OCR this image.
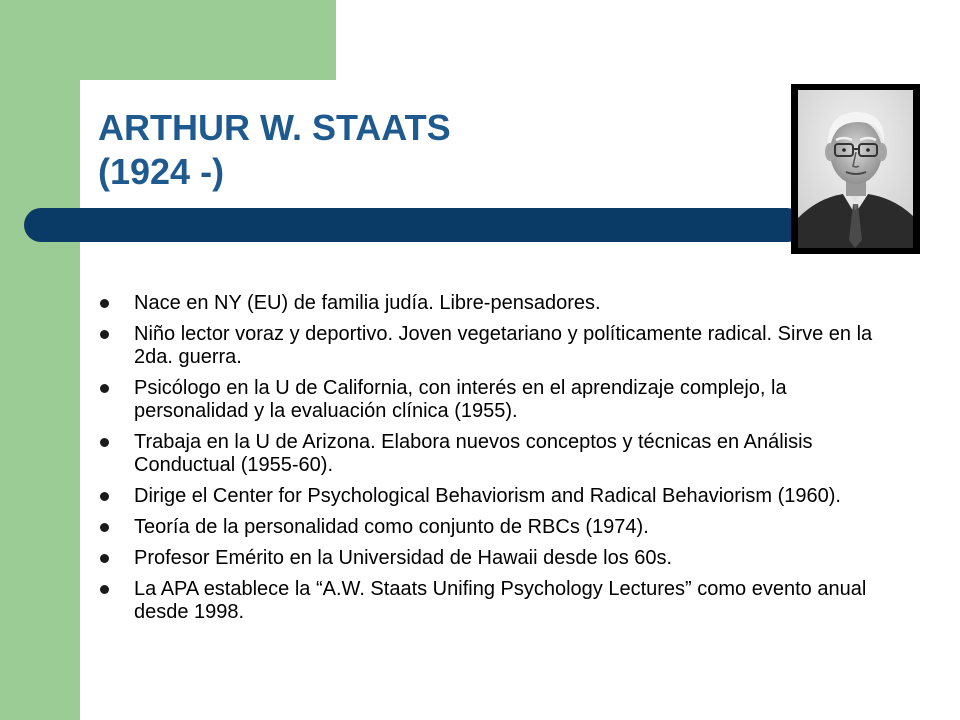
ARTHUR W. STAATS
(1924 -)
Nace en NY (EU) de familia judía. Libre-pensadores.
Niño lector voraz y deportivo. Joven vegetariano y políticamente radical. Sirve en la 2da. guerra.
Psicólogo en la U de California, con interés en el aprendizaje complejo, la personalidad y la evaluación clínica (1955).
Trabaja en la U de Arizona. Elabora nuevos conceptos y técnicas en Análisis Conductual (1955-60).
Dirige el Center for Psychological Behaviorism and Radical Behaviorism (1960).
Teoría de la personalidad como conjunto de RBCs (1974).
Profesor Emérito en la Universidad de Hawaii desde los 60s.
La APA establece la “A.W. Staats Unifing Psychology Lectures” como evento anual desde 1998.
